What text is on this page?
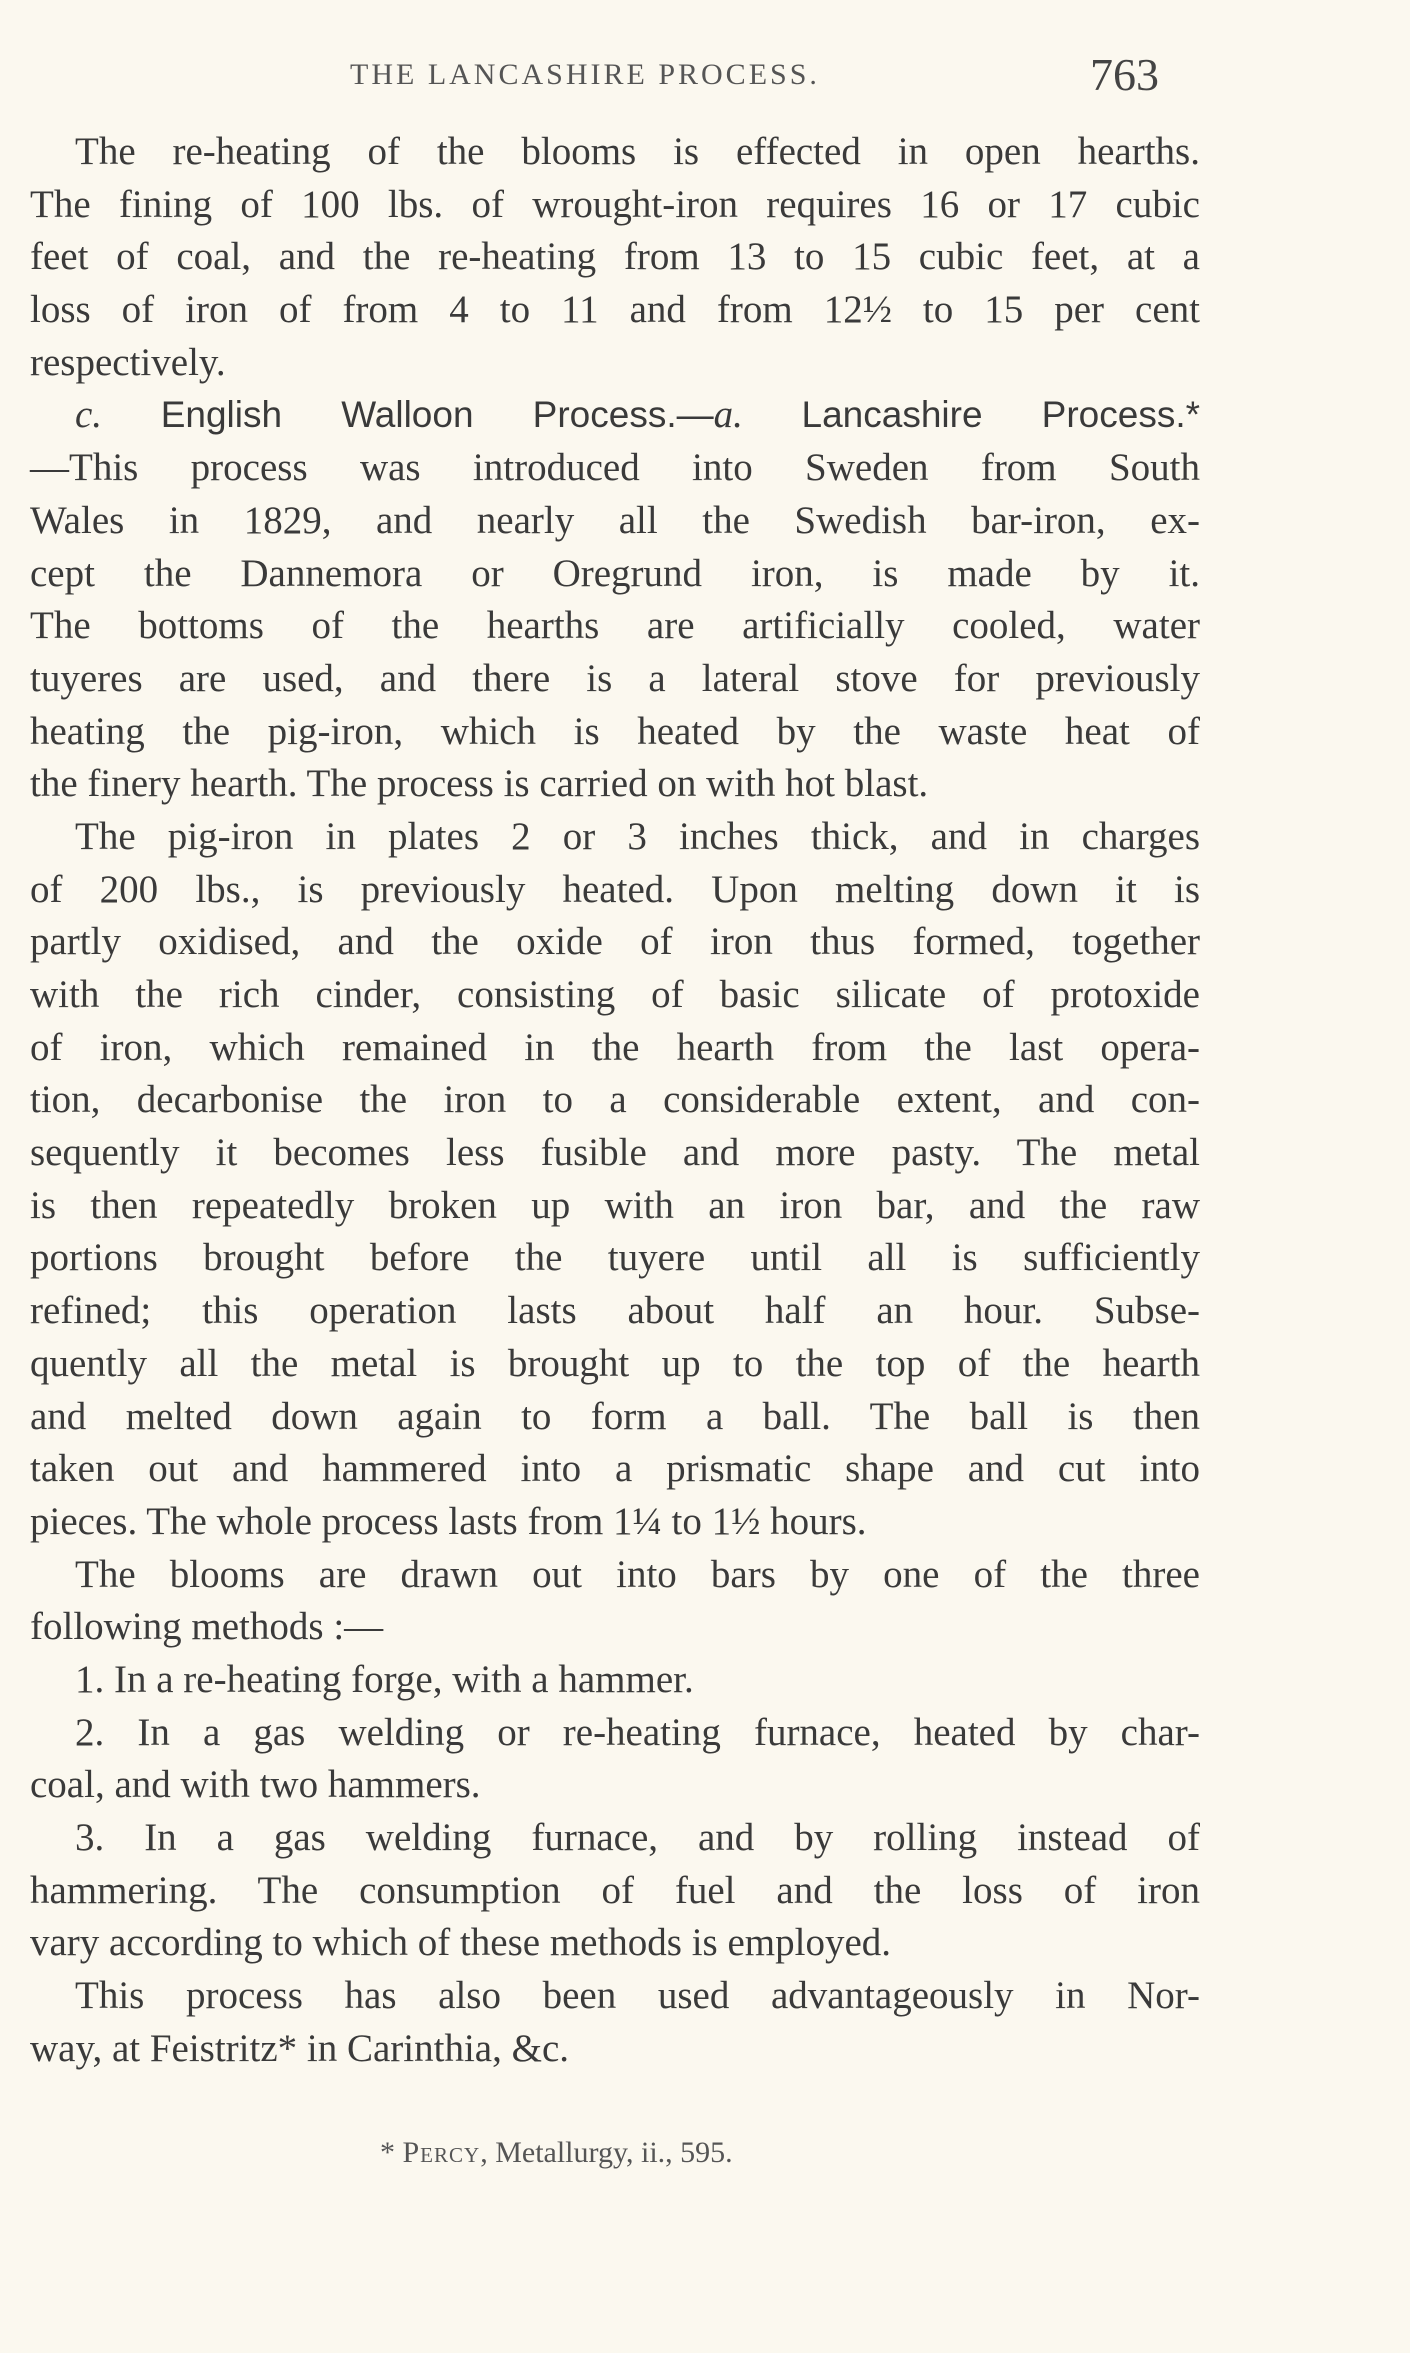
THE LANCASHIRE PROCESS.	763
The re-heating of the blooms is effected in open hearths.
The fining of 100 lbs. of wrought-iron requires 16 or 17 cubic
feet of coal, and the re-heating from 13 to 15 cubic feet, at a
loss of iron of from 4 to 11 and from 12½ to 15 per cent
respectively.
c. English Walloon Process.—a. Lancashire Process.*
—This process was introduced into Sweden from South
Wales in 1829, and nearly all the Swedish bar-iron, ex-
cept the Dannemora or Oregrund iron, is made by it.
The bottoms of the hearths are artificially cooled, water
tuyeres are used, and there is a lateral stove for previously
heating the pig-iron, which is heated by the waste heat of
the finery hearth. The process is carried on with hot blast.
The pig-iron in plates 2 or 3 inches thick, and in charges
of 200 lbs., is previously heated. Upon melting down it is
partly oxidised, and the oxide of iron thus formed, together
with the rich cinder, consisting of basic silicate of protoxide
of iron, which remained in the hearth from the last opera-
tion, decarbonise the iron to a considerable extent, and con-
sequently it becomes less fusible and more pasty. The metal
is then repeatedly broken up with an iron bar, and the raw
portions brought before the tuyere until all is sufficiently
refined; this operation lasts about half an hour. Subse-
quently all the metal is brought up to the top of the hearth
and melted down again to form a ball. The ball is then
taken out and hammered into a prismatic shape and cut into
pieces. The whole process lasts from 1¼ to 1½ hours.
The blooms are drawn out into bars by one of the three
following methods :—
1. In a re-heating forge, with a hammer.
2. In a gas welding or re-heating furnace, heated by char-
coal, and with two hammers.
3. In a gas welding furnace, and by rolling instead of
hammering. The consumption of fuel and the loss of iron
vary according to which of these methods is employed.
This process has also been used advantageously in Nor-
way, at Feistritz* in Carinthia, &c.
* Percy, Metallurgy, ii., 595.
